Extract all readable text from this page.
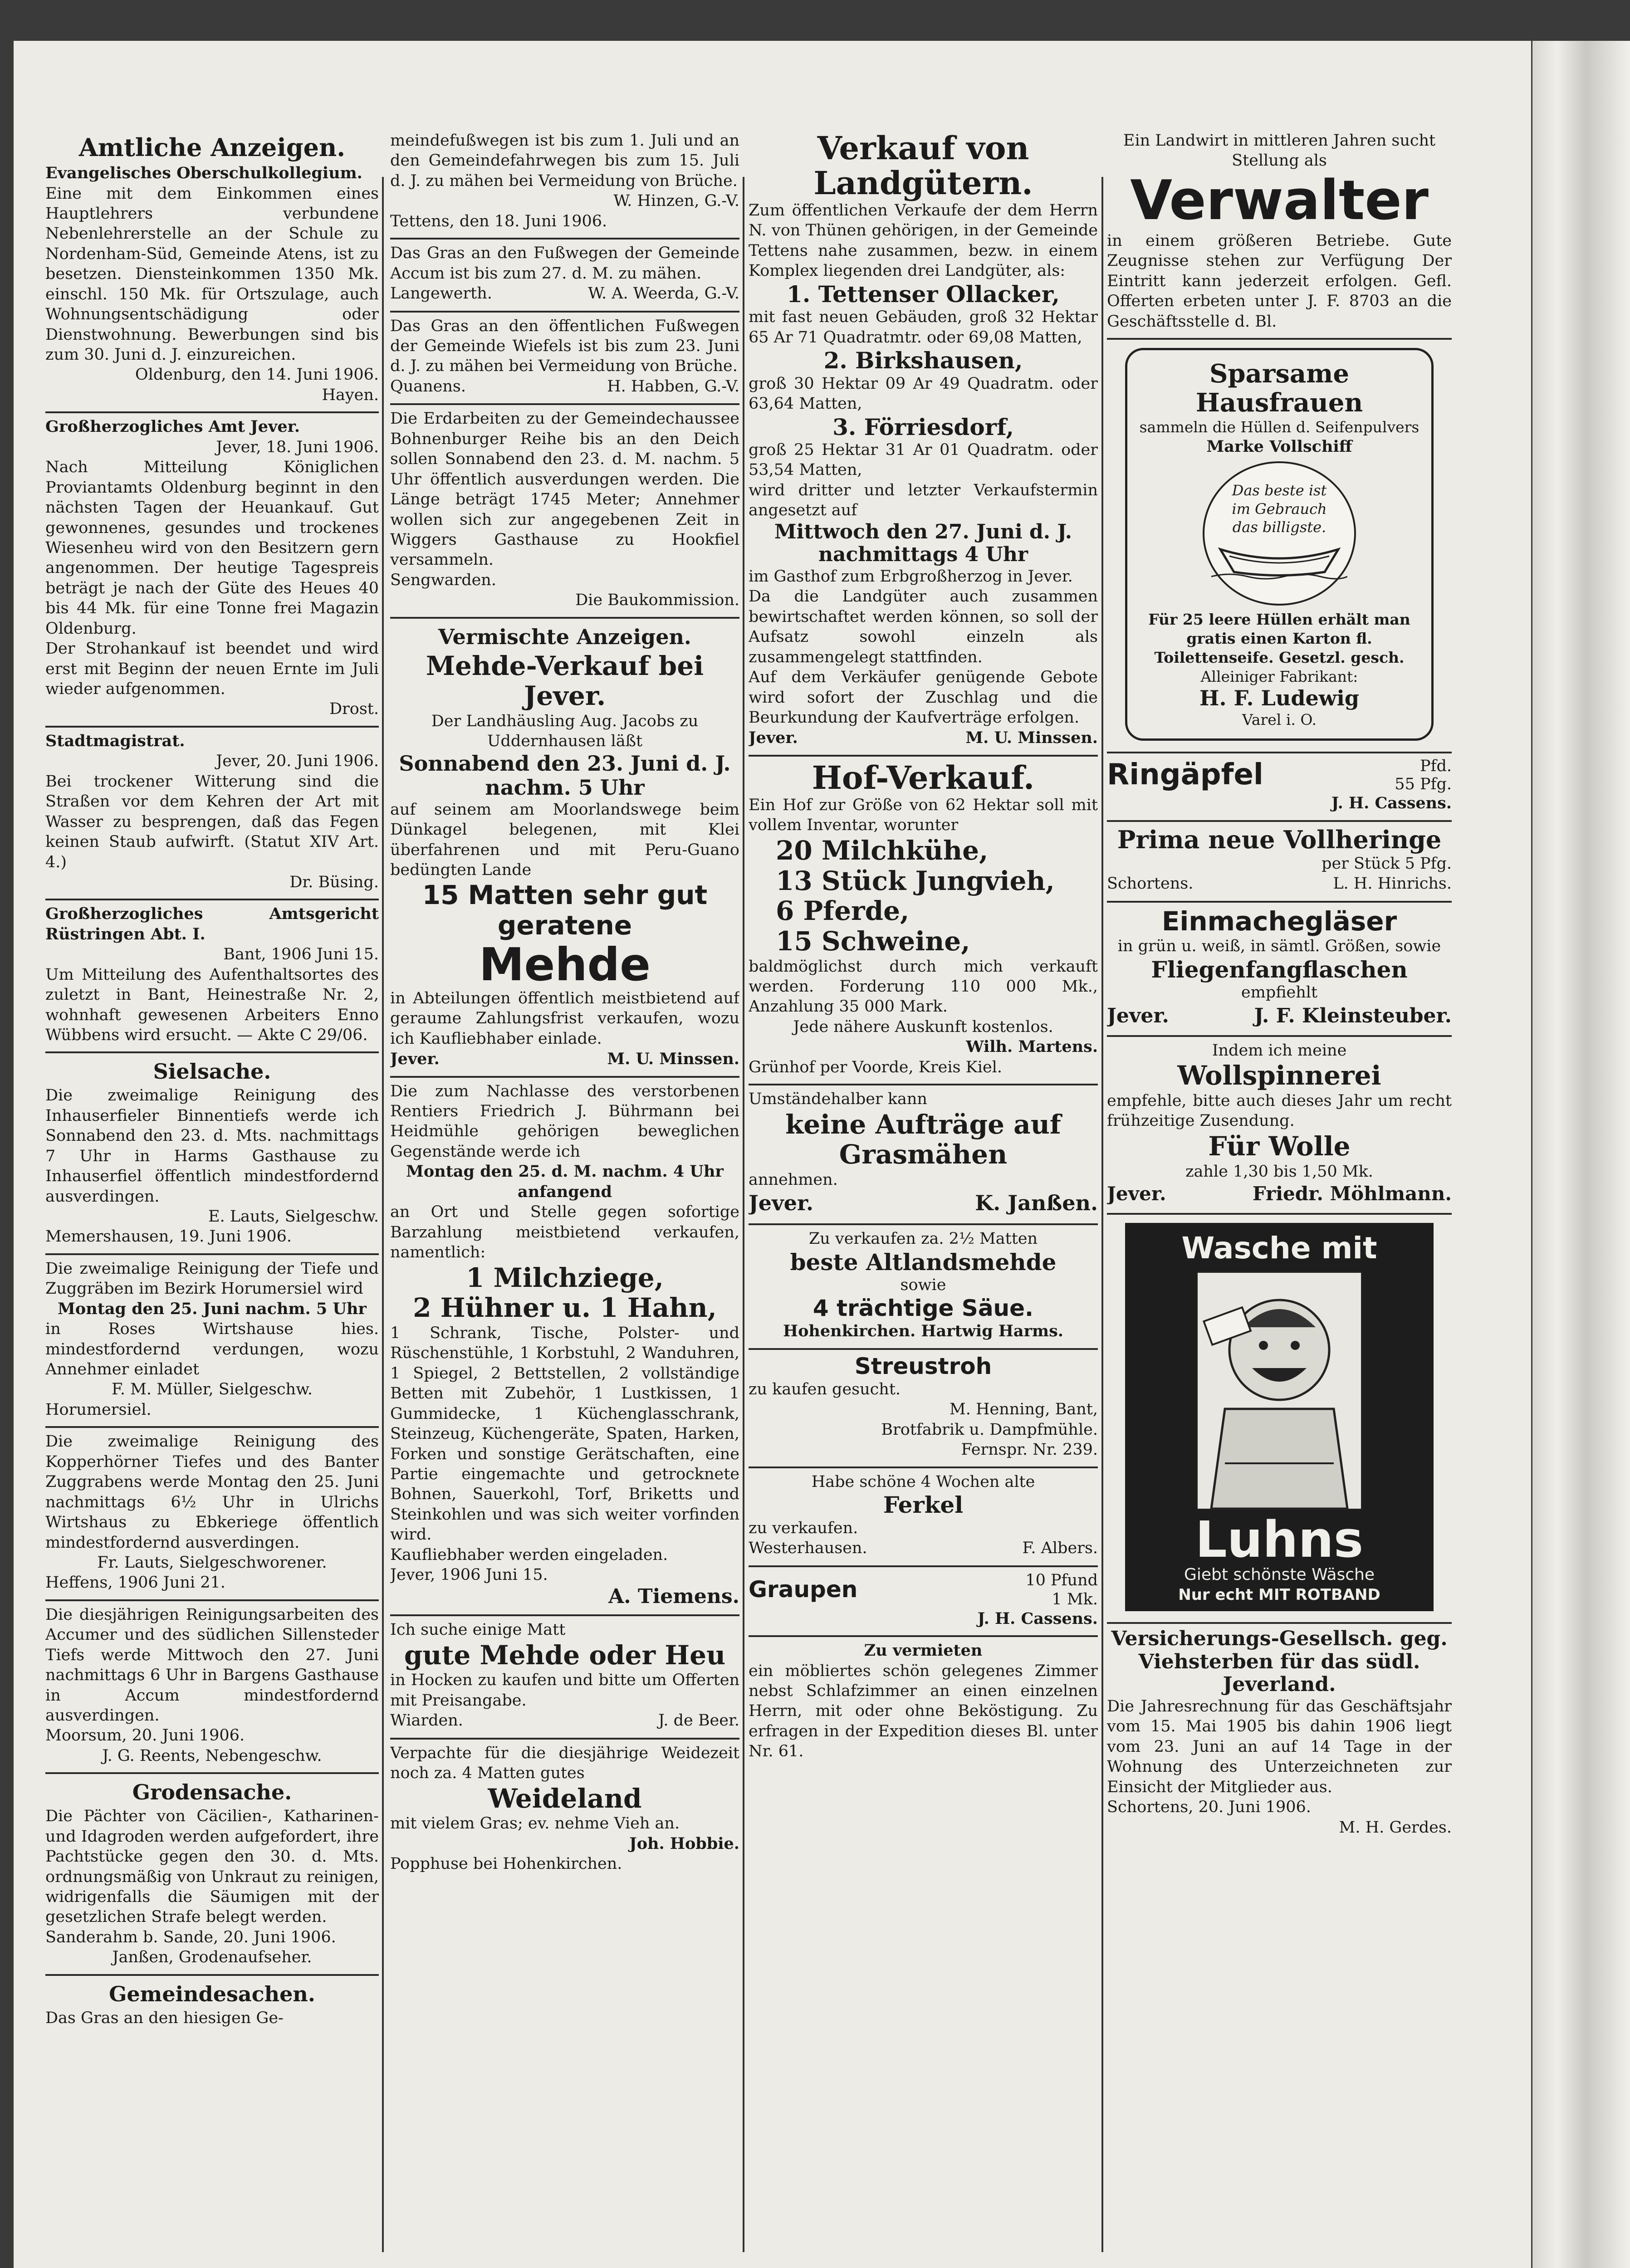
Amtliche Anzeigen.

Evangelisches Oberschulkollegium.

Eine mit dem Einkommen eines Hauptlehrers verbundene Nebenlehrerstelle an der Schule zu Nordenham-Süd, Gemeinde Atens, ist zu besetzen. Diensteinkommen 1350 Mk. einschl. 150 Mk. für Ortszulage, auch Wohnungsentschädigung oder Dienstwohnung. Bewerbungen sind bis zum 30. Juni d. J. einzureichen.

Oldenburg, den 14. Juni 1906.

Hayen.

Großherzogliches Amt Jever.

Jever, 18. Juni 1906.

Nach Mitteilung Königlichen Proviantamts Oldenburg beginnt in den nächsten Tagen der Heuankauf. Gut gewonnenes, gesundes und trockenes Wiesenheu wird von den Besitzern gern angenommen. Der heutige Tagespreis beträgt je nach der Güte des Heues 40 bis 44 Mk. für eine Tonne frei Magazin Oldenburg.

Der Strohankauf ist beendet und wird erst mit Beginn der neuen Ernte im Juli wieder aufgenommen.

Drost.

Stadtmagistrat.

Jever, 20. Juni 1906.

Bei trockener Witterung sind die Straßen vor dem Kehren der Art mit Wasser zu besprengen, daß das Fegen keinen Staub aufwirft. (Statut XIV Art. 4.)

Dr. Büsing.

Großherzogliches Amtsgericht Rüstringen Abt. I.

Bant, 1906 Juni 15.

Um Mitteilung des Aufenthaltsortes des zuletzt in Bant, Heinestraße Nr. 2, wohnhaft gewesenen Arbeiters Enno Wübbens wird ersucht. — Akte C 29/06.

Sielsache.

Die zweimalige Reinigung des Inhauserfieler Binnentiefs werde ich Sonnabend den 23. d. Mts. nachmittags 7 Uhr in Harms Gasthause zu Inhauserfiel öffentlich mindestfordernd ausverdingen.

E. Lauts, Sielgeschw.

Memershausen, 19. Juni 1906.

Die zweimalige Reinigung der Tiefe und Zuggräben im Bezirk Horumersiel wird

Montag den 25. Juni nachm. 5 Uhr

in Roses Wirtshause hies. mindestfordernd verdungen, wozu Annehmer einladet

F. M. Müller, Sielgeschw.

Horumersiel.

Die zweimalige Reinigung des Kopperhörner Tiefes und des Banter Zuggrabens werde Montag den 25. Juni nachmittags 6½ Uhr in Ulrichs Wirtshaus zu Ebkeriege öffentlich mindestfordernd ausverdingen.

Fr. Lauts, Sielgeschworener.

Heffens, 1906 Juni 21.

Die diesjährigen Reinigungsarbeiten des Accumer und des südlichen Sillensteder Tiefs werde Mittwoch den 27. Juni nachmittags 6 Uhr in Bargens Gasthause in Accum mindestfordernd ausverdingen.

Moorsum, 20. Juni 1906.

J. G. Reents, Nebengeschw.

Grodensache.

Die Pächter von Cäcilien-, Katharinen- und Idagroden werden aufgefordert, ihre Pachtstücke gegen den 30. d. Mts. ordnungsmäßig von Unkraut zu reinigen, widrigenfalls die Säumigen mit der gesetzlichen Strafe belegt werden.

Sanderahm b. Sande, 20. Juni 1906.

Janßen, Grodenaufseher.

Gemeindesachen.

Das Gras an den hiesigen Ge-

meindefußwegen ist bis zum 1. Juli und an den Gemeindefahrwegen bis zum 15. Juli d. J. zu mähen bei Vermeidung von Brüche.

W. Hinzen, G.-V.

Tettens, den 18. Juni 1906.

Das Gras an den Fußwegen der Gemeinde Accum ist bis zum 27. d. M. zu mähen.

Langewerth.	W. A. Weerda, G.-V.

Das Gras an den öffentlichen Fußwegen der Gemeinde Wiefels ist bis zum 23. Juni d. J. zu mähen bei Vermeidung von Brüche.

Quanens.	H. Habben, G.-V.

Die Erdarbeiten zu der Gemeindechaussee Bohnenburger Reihe bis an den Deich sollen Sonnabend den 23. d. M. nachm. 5 Uhr öffentlich ausverdungen werden. Die Länge beträgt 1745 Meter; Annehmer wollen sich zur angegebenen Zeit in Wiggers Gasthause zu Hookfiel versammeln.

Sengwarden.

Die Baukommission.

Vermischte Anzeigen.
Mehde-Verkauf bei Jever.

Der Landhäusling Aug. Jacobs zu Uddernhausen läßt

Sonnabend den 23. Juni d. J. nachm. 5 Uhr

auf seinem am Moorlandswege beim Dünkagel belegenen, mit Klei überfahrenen und mit Peru-Guano bedüngten Lande

15 Matten sehr gut geratene

Mehde

in Abteilungen öffentlich meistbietend auf geraume Zahlungsfrist verkaufen, wozu ich Kaufliebhaber einlade.

Jever.	M. U. Minssen.

Die zum Nachlasse des verstorbenen Rentiers Friedrich J. Bührmann bei Heidmühle gehörigen beweglichen Gegenstände werde ich

Montag den 25. d. M. nachm. 4 Uhr anfangend

an Ort und Stelle gegen sofortige Barzahlung meistbietend verkaufen, namentlich:

1 Milchziege,

2 Hühner u. 1 Hahn,

1 Schrank, Tische, Polster- und Rüschenstühle, 1 Korbstuhl, 2 Wanduhren, 1 Spiegel, 2 Bettstellen, 2 vollständige Betten mit Zubehör, 1 Lustkissen, 1 Gummidecke, 1 Küchenglasschrank, Steinzeug, Küchengeräte, Spaten, Harken, Forken und sonstige Gerätschaften, eine Partie eingemachte und getrocknete Bohnen, Sauerkohl, Torf, Briketts und Steinkohlen und was sich weiter vorfinden wird.

Kaufliebhaber werden eingeladen.

Jever, 1906 Juni 15.

A. Tiemens.

Ich suche einige Matt

gute Mehde oder Heu

in Hocken zu kaufen und bitte um Offerten mit Preisangabe.

Wiarden.	J. de Beer.

Verpachte für die diesjährige Weidezeit noch za. 4 Matten gutes

Weideland

mit vielem Gras; ev. nehme Vieh an.

Joh. Hobbie.

Popphuse bei Hohenkirchen.

Verkauf von Landgütern.

Zum öffentlichen Verkaufe der dem Herrn N. von Thünen gehörigen, in der Gemeinde Tettens nahe zusammen, bezw. in einem Komplex liegenden drei Landgüter, als:

1. Tettenser Ollacker,

mit fast neuen Gebäuden, groß 32 Hektar 65 Ar 71 Quadratmtr. oder 69,08 Matten,

2. Birkshausen,

groß 30 Hektar 09 Ar 49 Quadratm. oder 63,64 Matten,

3. Förriesdorf,

groß 25 Hektar 31 Ar 01 Quadratm. oder 53,54 Matten,

wird dritter und letzter Verkaufstermin angesetzt auf

Mittwoch den 27. Juni d. J. nachmittags 4 Uhr

im Gasthof zum Erbgroßherzog in Jever.

Da die Landgüter auch zusammen bewirtschaftet werden können, so soll der Aufsatz sowohl einzeln als zusammengelegt stattfinden.

Auf dem Verkäufer genügende Gebote wird sofort der Zuschlag und die Beurkundung der Kaufverträge erfolgen.

Jever.	M. U. Minssen.
Hof-Verkauf.

Ein Hof zur Größe von 62 Hektar soll mit vollem Inventar, worunter

20 Milchkühe,

13 Stück Jungvieh,

6 Pferde,

15 Schweine,

baldmöglichst durch mich verkauft werden. Forderung 110 000 Mk., Anzahlung 35 000 Mark.

Jede nähere Auskunft kostenlos.

Wilh. Martens.

Grünhof per Voorde, Kreis Kiel.

Umständehalber kann

keine Aufträge auf Grasmähen

annehmen.

Jever.	K. Janßen.

Zu verkaufen za. 2½ Matten

beste Altlandsmehde

sowie

4 trächtige Säue.

Hohenkirchen. Hartwig Harms.

Streustroh

zu kaufen gesucht.

M. Henning, Bant,

Brotfabrik u. Dampfmühle.

Fernspr. Nr. 239.

Habe schöne 4 Wochen alte

Ferkel

zu verkaufen.

Westerhausen.	F. Albers.
Graupen	10 Pfund
1 Mk.

J. H. Cassens.

Zu vermieten

ein möbliertes schön gelegenes Zimmer nebst Schlafzimmer an einen einzelnen Herrn, mit oder ohne Beköstigung. Zu erfragen in der Expedition dieses Bl. unter Nr. 61.

Ein Landwirt in mittleren Jahren sucht Stellung als

Verwalter

in einem größeren Betriebe. Gute Zeugnisse stehen zur Verfügung Der Eintritt kann jederzeit erfolgen. Gefl. Offerten erbeten unter J. F. 8703 an die Geschäftsstelle d. Bl.

Sparsame Hausfrauen

sammeln die Hüllen d. Seifenpulvers

Marke Vollschiff

Das beste ist im Gebrauch das billigste.

Für 25 leere Hüllen erhält man gratis einen Karton fl. Toilettenseife. Gesetzl. gesch.

Alleiniger Fabrikant:

H. F. Ludewig

Varel i. O.

Ringäpfel	Pfd.
55 Pfg.

J. H. Cassens.

Prima neue Vollheringe

per Stück 5 Pfg.

Schortens.	L. H. Hinrichs.

Einmachegläser

in grün u. weiß, in sämtl. Größen, sowie

Fliegenfangflaschen

empfiehlt

Jever.	J. F. Kleinsteuber.

Indem ich meine

Wollspinnerei

empfehle, bitte auch dieses Jahr um recht frühzeitige Zusendung.

Für Wolle

zahle 1,30 bis 1,50 Mk.

Jever.	Friedr. Möhlmann.

Wasche mit

Luhns

Giebt schönste Wäsche

Nur echt MIT ROTBAND

Versicherungs-Gesellsch. geg. Viehsterben für das südl. Jeverland.

Die Jahresrechnung für das Geschäftsjahr vom 15. Mai 1905 bis dahin 1906 liegt vom 23. Juni an auf 14 Tage in der Wohnung des Unterzeichneten zur Einsicht der Mitglieder aus.

Schortens, 20. Juni 1906.

M. H. Gerdes.
